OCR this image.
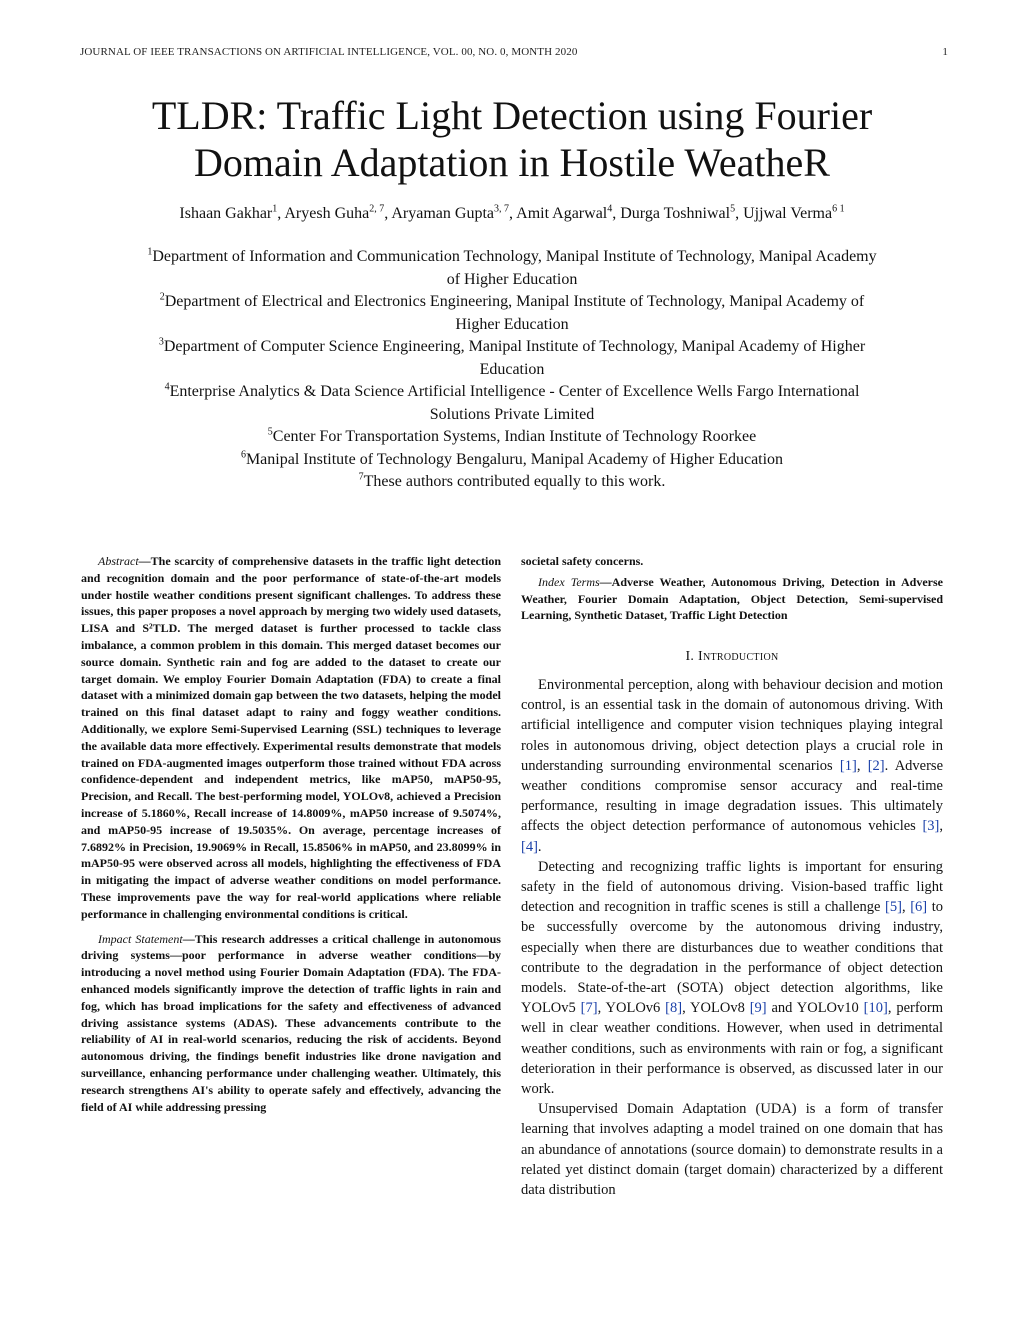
JOURNAL OF IEEE TRANSACTIONS ON ARTIFICIAL INTELLIGENCE, VOL. 00, NO. 0, MONTH 2020	1
TLDR: Traffic Light Detection using Fourier
Domain Adaptation in Hostile WeatheR
Ishaan Gakhar$^1$, Aryesh Guha$^{2, 7}$, Aryaman Gupta$^{3, 7}$, Amit Agarwal$^4$, Durga Toshniwal$^5$, Ujjwal Verma$^{6 1}$
$^1$Department of Information and Communication Technology, Manipal Institute of Technology, Manipal Academy
of Higher Education
$^2$Department of Electrical and Electronics Engineering, Manipal Institute of Technology, Manipal Academy of
Higher Education
$^3$Department of Computer Science Engineering, Manipal Institute of Technology, Manipal Academy of Higher
Education
$^4$Enterprise Analytics & Data Science Artificial Intelligence - Center of Excellence Wells Fargo International
Solutions Private Limited
$^5$Center For Transportation Systems, Indian Institute of Technology Roorkee
$^6$Manipal Institute of Technology Bengaluru, Manipal Academy of Higher Education
$^7$These authors contributed equally to this work.

Abstract—The scarcity of comprehensive datasets in the traffic light detection and recognition domain and the poor performance of state-of-the-art models under hostile weather conditions present significant challenges. To address these issues, this paper proposes a novel approach by merging two widely used datasets, LISA and S²TLD. The merged dataset is further processed to tackle class imbalance, a common problem in this domain. This merged dataset becomes our source domain. Synthetic rain and fog are added to the dataset to create our target domain. We employ Fourier Domain Adaptation (FDA) to create a final dataset with a minimized domain gap between the two datasets, helping the model trained on this final dataset adapt to rainy and foggy weather conditions. Additionally, we explore Semi-Supervised Learning (SSL) techniques to leverage the available data more effectively. Experimental results demonstrate that models trained on FDA-augmented images outperform those trained without FDA across confidence-dependent and independent metrics, like mAP50, mAP50-95, Precision, and Recall. The best-performing model, YOLOv8, achieved a Precision increase of 5.1860%, Recall increase of 14.8009%, mAP50 increase of 9.5074%, and mAP50-95 increase of 19.5035%. On average, percentage increases of 7.6892% in Precision, 19.9069% in Recall, 15.8506% in mAP50, and 23.8099% in mAP50-95 were observed across all models, highlighting the effectiveness of FDA in mitigating the impact of adverse weather conditions on model performance. These improvements pave the way for real-world applications where reliable performance in challenging environmental conditions is critical.

Impact Statement—This research addresses a critical challenge in autonomous driving systems—poor performance in adverse weather conditions—by introducing a novel method using Fourier Domain Adaptation (FDA). The FDA-enhanced models significantly improve the detection of traffic lights in rain and fog, which has broad implications for the safety and effectiveness of advanced driving assistance systems (ADAS). These advancements contribute to the reliability of AI in real-world scenarios, reducing the risk of accidents. Beyond autonomous driving, the findings benefit industries like drone navigation and surveillance, enhancing performance under challenging weather. Ultimately, this research strengthens AI's ability to operate safely and effectively, advancing the field of AI while addressing pressing

societal safety concerns.

Index Terms—Adverse Weather, Autonomous Driving, Detection in Adverse Weather, Fourier Domain Adaptation, Object Detection, Semi-supervised Learning, Synthetic Dataset, Traffic Light Detection

I. Introduction

Environmental perception, along with behaviour decision and motion control, is an essential task in the domain of autonomous driving. With artificial intelligence and computer vision techniques playing integral roles in autonomous driving, object detection plays a crucial role in understanding surrounding environmental scenarios [1], [2]. Adverse weather conditions compromise sensor accuracy and real-time performance, resulting in image degradation issues. This ultimately affects the object detection performance of autonomous vehicles [3], [4].

Detecting and recognizing traffic lights is important for ensuring safety in the field of autonomous driving. Vision-based traffic light detection and recognition in traffic scenes is still a challenge [5], [6] to be successfully overcome by the autonomous driving industry, especially when there are disturbances due to weather conditions that contribute to the degradation in the performance of object detection models. State-of-the-art (SOTA) object detection algorithms, like YOLOv5 [7], YOLOv6 [8], YOLOv8 [9] and YOLOv10 [10], perform well in clear weather conditions. However, when used in detrimental weather conditions, such as environments with rain or fog, a significant deterioration in their performance is observed, as discussed later in our work.

Unsupervised Domain Adaptation (UDA) is a form of transfer learning that involves adapting a model trained on one domain that has an abundance of annotations (source domain) to demonstrate results in a related yet distinct domain (target domain) characterized by a different data distribution
